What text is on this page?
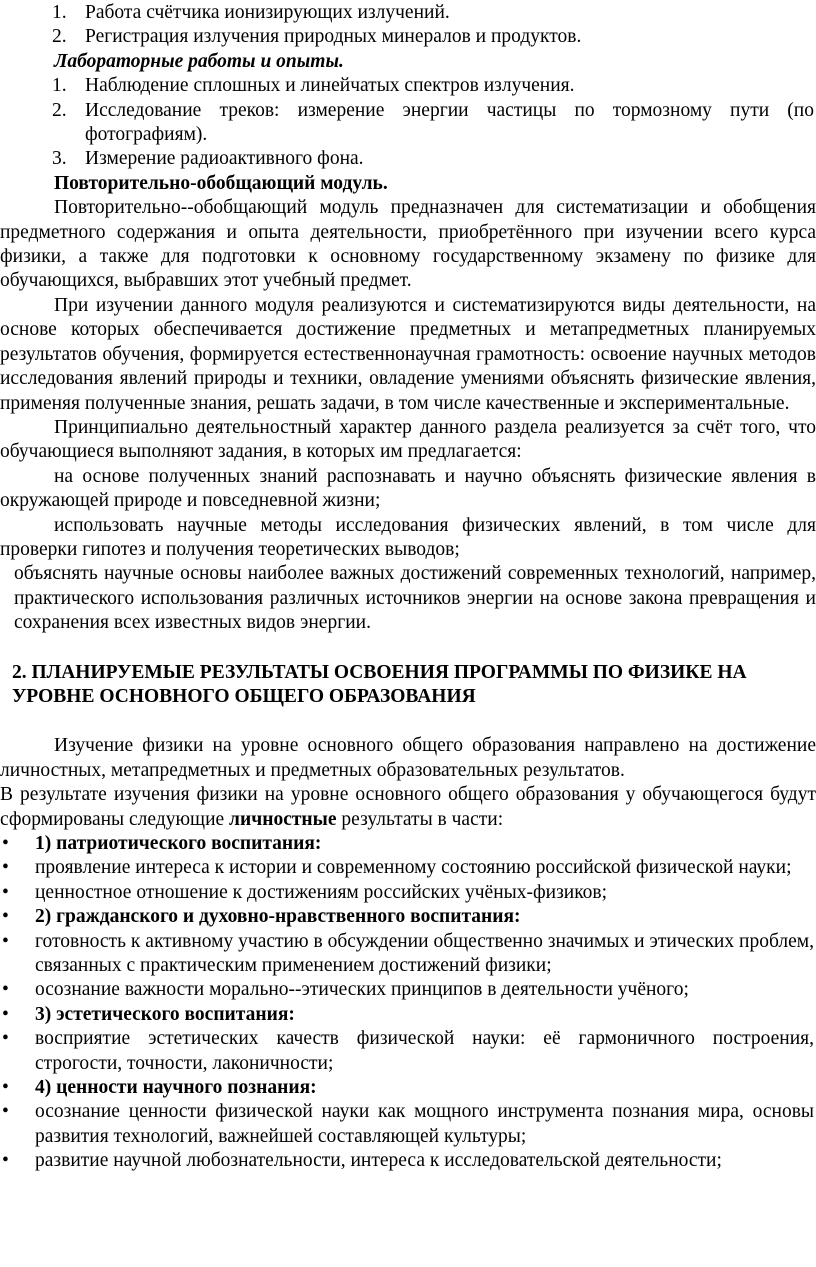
1. Работа счётчика ионизирующих излучений.
2. Регистрация излучения природных минералов и продуктов.

Лабораторные работы и опыты.

1. Наблюдение сплошных и линейчатых спектров излучения.
2. Исследование треков: измерение энергии частицы по тормозному пути (по фотографиям).
3. Измерение радиоактивного фона.

Повторительно-обобщающий модуль.

Повторительно--обобщающий модуль предназначен для систематизации и обобщения предметного содержания и опыта деятельности, приобретённого при изучении всего курса физики, а также для подготовки к основному государственному экзамену по физике для обучающихся, выбравших этот учебный предмет.

При изучении данного модуля реализуются и систематизируются виды деятельности, на основе которых обеспечивается достижение предметных и метапредметных планируемых результатов обучения, формируется естественнонаучная грамотность: освоение научных методов исследования явлений природы и техники, овладение умениями объяснять физические явления, применяя полученные знания, решать задачи, в том числе качественные и экспериментальные.

Принципиально деятельностный характер данного раздела реализуется за счёт того, что обучающиеся выполняют задания, в которых им предлагается:

на основе полученных знаний распознавать и научно объяснять физические явления в окружающей природе и повседневной жизни;

использовать научные методы исследования физических явлений, в том числе для проверки гипотез и получения теоретических выводов;

объяснять научные основы наиболее важных достижений современных технологий, например, практического использования различных источников энергии на основе закона превращения и сохранения всех известных видов энергии.

2. ПЛАНИРУЕМЫЕ РЕЗУЛЬТАТЫ ОСВОЕНИЯ ПРОГРАММЫ ПО ФИЗИКЕ НА УРОВНЕ ОСНОВНОГО ОБЩЕГО ОБРАЗОВАНИЯ

Изучение физики на уровне основного общего образования направлено на достижение личностных, метапредметных и предметных образовательных результатов.

В результате изучения физики на уровне основного общего образования у обучающегося будут сформированы следующие личностные результаты в части:

•	1) патриотического воспитания:
•	проявление интереса к истории и современному состоянию российской физической науки;
•	ценностное отношение к достижениям российских учёных-физиков;
•	2) гражданского и духовно-нравственного воспитания:
•	готовность к активному участию в обсуждении общественно значимых и этических проблем, связанных с практическим применением достижений физики;
•	осознание важности морально--этических принципов в деятельности учёного;
•	3) эстетического воспитания:
•	восприятие эстетических качеств физической науки: её гармоничного построения, строгости, точности, лаконичности;
•	4) ценности научного познания:
•	осознание ценности физической науки как мощного инструмента познания мира, основы развития технологий, важнейшей составляющей культуры;
•	развитие научной любознательности, интереса к исследовательской деятельности;
